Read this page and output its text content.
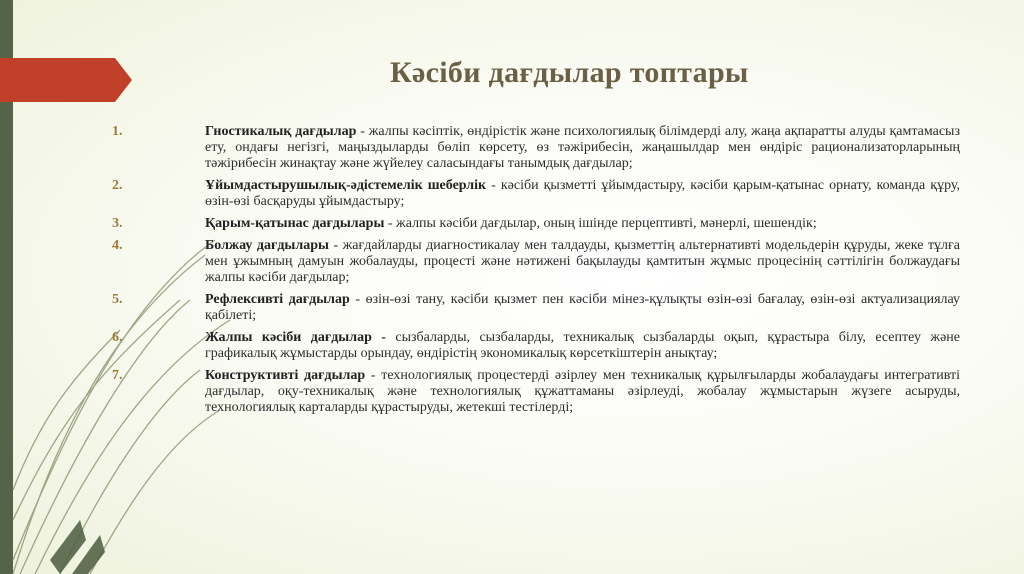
Кәсіби дағдылар топтары
1.	Гностикалық дағдылар - жалпы кәсіптік, өндірістік және психологиялық білімдерді алу, жаңа ақпаратты алуды қамтамасыз ету, ондағы негізгі, маңыздыларды бөліп көрсету, өз тәжірибесін, жаңашылдар мен өндіріс рационализаторларының тәжірибесін жинақтау және жүйелеу саласындағы танымдық дағдылар;
2.	Ұйымдастырушылық-әдістемелік шеберлік - кәсіби қызметті ұйымдастыру, кәсіби қарым-қатынас орнату, команда құру, өзін-өзі басқаруды ұйымдастыру;
3.	Қарым-қатынас дағдылары - жалпы кәсіби дағдылар, оның ішінде перцептивті, мәнерлі, шешендік;
4.	Болжау дағдылары - жағдайларды диагностикалау мен талдауды, қызметтің альтернативті модельдерін құруды, жеке тұлға мен ұжымның дамуын жобалауды, процесті және нәтижені бақылауды қамтитын жұмыс процесінің сәттілігін болжаудағы жалпы кәсіби дағдылар;
5.	Рефлексивті дағдылар - өзін-өзі тану, кәсіби қызмет пен кәсіби мінез-құлықты өзін-өзі бағалау, өзін-өзі актуализациялау қабілеті;
6.	Жалпы кәсіби дағдылар - сызбаларды, сызбаларды, техникалық сызбаларды оқып, құрастыра білу, есептеу және графикалық жұмыстарды орындау, өндірістің экономикалық көрсеткіштерін анықтау;
7.	Конструктивті дағдылар - технологиялық процестерді әзірлеу мен техникалық құрылғыларды жобалаудағы интегративті дағдылар, оқу-техникалық және технологиялық құжаттаманы әзірлеуді, жобалау жұмыстарын жүзеге асыруды, технологиялық карталарды құрастыруды, жетекші тестілерді;
